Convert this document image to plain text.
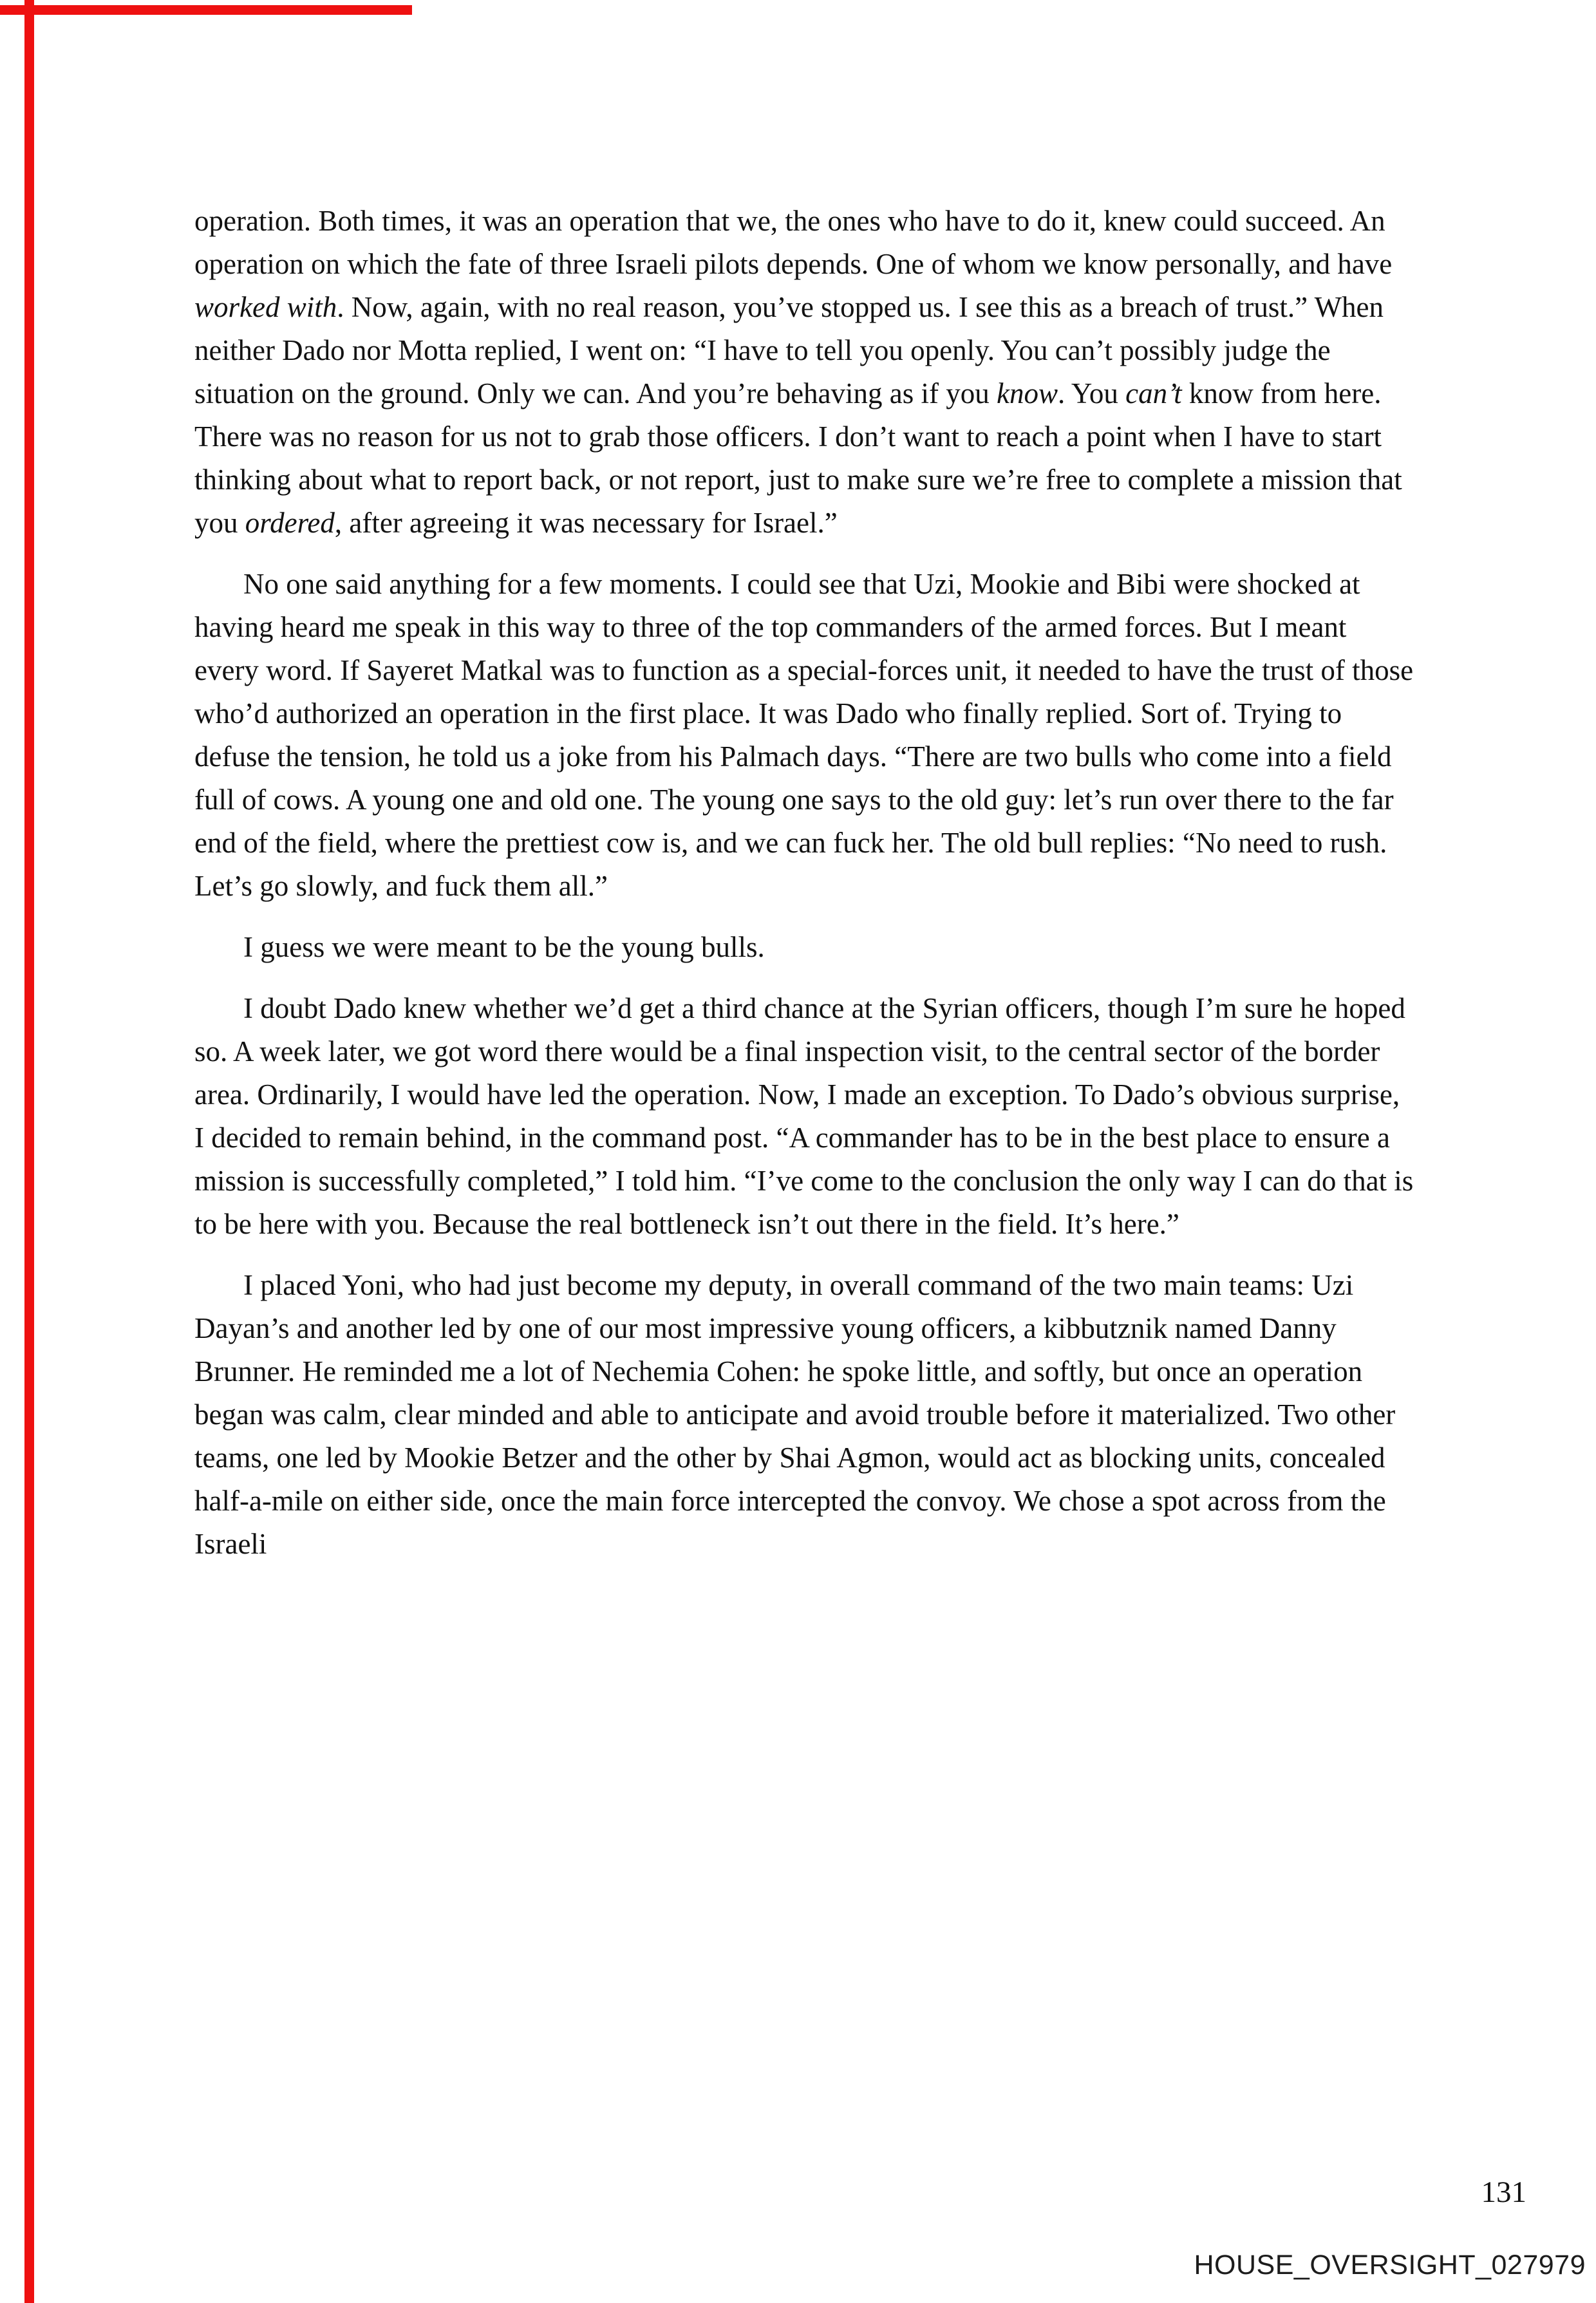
operation. Both times, it was an operation that we, the ones who have to do it, knew could succeed. An operation on which the fate of three Israeli pilots depends. One of whom we know personally, and have worked with. Now, again, with no real reason, you’ve stopped us. I see this as a breach of trust.” When neither Dado nor Motta replied, I went on: “I have to tell you openly. You can’t possibly judge the situation on the ground. Only we can. And you’re behaving as if you know. You can’t know from here. There was no reason for us not to grab those officers. I don’t want to reach a point when I have to start thinking about what to report back, or not report, just to make sure we’re free to complete a mission that you ordered, after agreeing it was necessary for Israel.”

No one said anything for a few moments. I could see that Uzi, Mookie and Bibi were shocked at having heard me speak in this way to three of the top commanders of the armed forces. But I meant every word. If Sayeret Matkal was to function as a special-forces unit, it needed to have the trust of those who’d authorized an operation in the first place. It was Dado who finally replied. Sort of. Trying to defuse the tension, he told us a joke from his Palmach days. “There are two bulls who come into a field full of cows. A young one and old one. The young one says to the old guy: let’s run over there to the far end of the field, where the prettiest cow is, and we can fuck her. The old bull replies: “No need to rush. Let’s go slowly, and fuck them all.”

I guess we were meant to be the young bulls.

I doubt Dado knew whether we’d get a third chance at the Syrian officers, though I’m sure he hoped so. A week later, we got word there would be a final inspection visit, to the central sector of the border area. Ordinarily, I would have led the operation. Now, I made an exception. To Dado’s obvious surprise, I decided to remain behind, in the command post. “A commander has to be in the best place to ensure a mission is successfully completed,” I told him. “I’ve come to the conclusion the only way I can do that is to be here with you. Because the real bottleneck isn’t out there in the field. It’s here.”

I placed Yoni, who had just become my deputy, in overall command of the two main teams: Uzi Dayan’s and another led by one of our most impressive young officers, a kibbutznik named Danny Brunner. He reminded me a lot of Nechemia Cohen: he spoke little, and softly, but once an operation began was calm, clear minded and able to anticipate and avoid trouble before it materialized. Two other teams, one led by Mookie Betzer and the other by Shai Agmon, would act as blocking units, concealed half-a-mile on either side, once the main force intercepted the convoy. We chose a spot across from the Israeli

131
HOUSE_OVERSIGHT_027979
